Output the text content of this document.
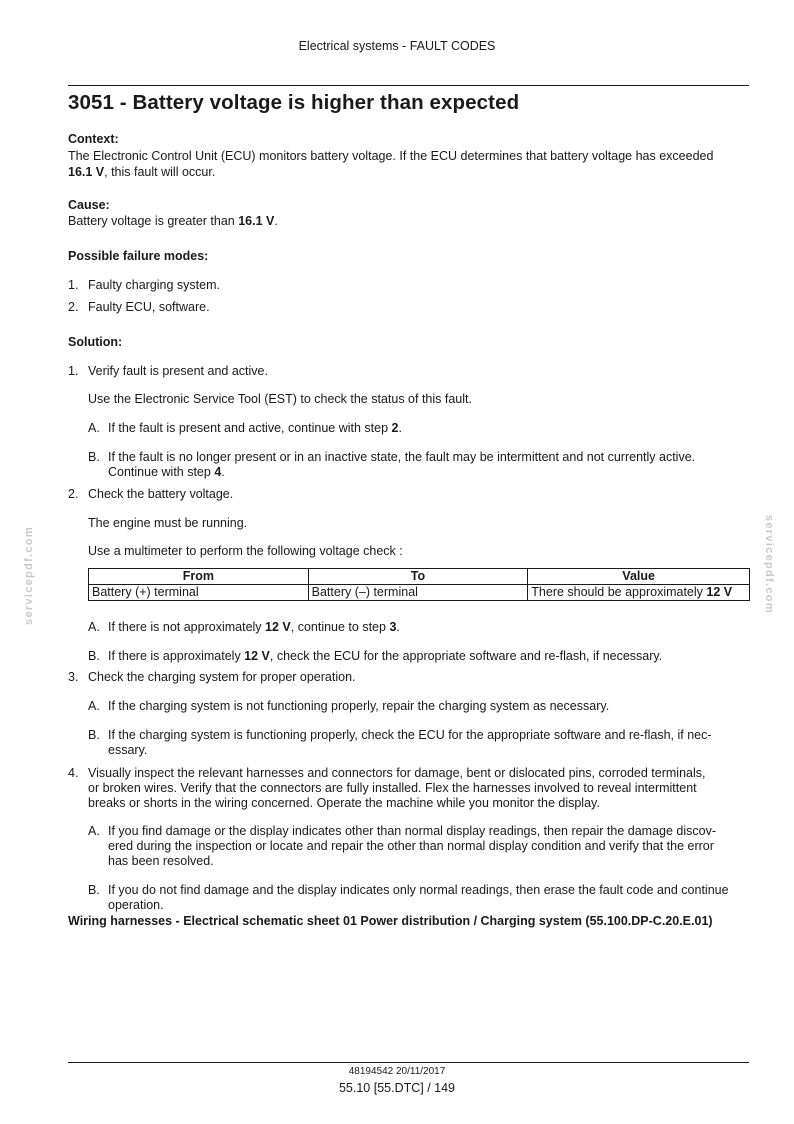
Electrical systems - FAULT CODES
3051 - Battery voltage is higher than expected
Context:
The Electronic Control Unit (ECU) monitors battery voltage. If the ECU determines that battery voltage has exceeded
16.1 V, this fault will occur.
Cause:
Battery voltage is greater than 16.1 V.
Possible failure modes:
1. Faulty charging system.
2. Faulty ECU, software.
Solution:
1. Verify fault is present and active.
Use the Electronic Service Tool (EST) to check the status of this fault.
A. If the fault is present and active, continue with step 2.
B. If the fault is no longer present or in an inactive state, the fault may be intermittent and not currently active.
Continue with step 4.
2. Check the battery voltage.
The engine must be running.
Use a multimeter to perform the following voltage check :
From	To	Value
Battery (+) terminal	Battery (–) terminal	There should be approximately 12 V
A. If there is not approximately 12 V, continue to step 3.
B. If there is approximately 12 V, check the ECU for the appropriate software and re-flash, if necessary.
3. Check the charging system for proper operation.
A. If the charging system is not functioning properly, repair the charging system as necessary.
B. If the charging system is functioning properly, check the ECU for the appropriate software and re-flash, if nec-
essary.
4. Visually inspect the relevant harnesses and connectors for damage, bent or dislocated pins, corroded terminals,
or broken wires. Verify that the connectors are fully installed. Flex the harnesses involved to reveal intermittent
breaks or shorts in the wiring concerned. Operate the machine while you monitor the display.
A. If you find damage or the display indicates other than normal display readings, then repair the damage discov-
ered during the inspection or locate and repair the other than normal display condition and verify that the error
has been resolved.
B. If you do not find damage and the display indicates only normal readings, then erase the fault code and continue
operation.
Wiring harnesses - Electrical schematic sheet 01 Power distribution / Charging system (55.100.DP-C.20.E.01)
servicepdf.com	servicepdf.com
48194542 20/11/2017
55.10 [55.DTC] / 149
